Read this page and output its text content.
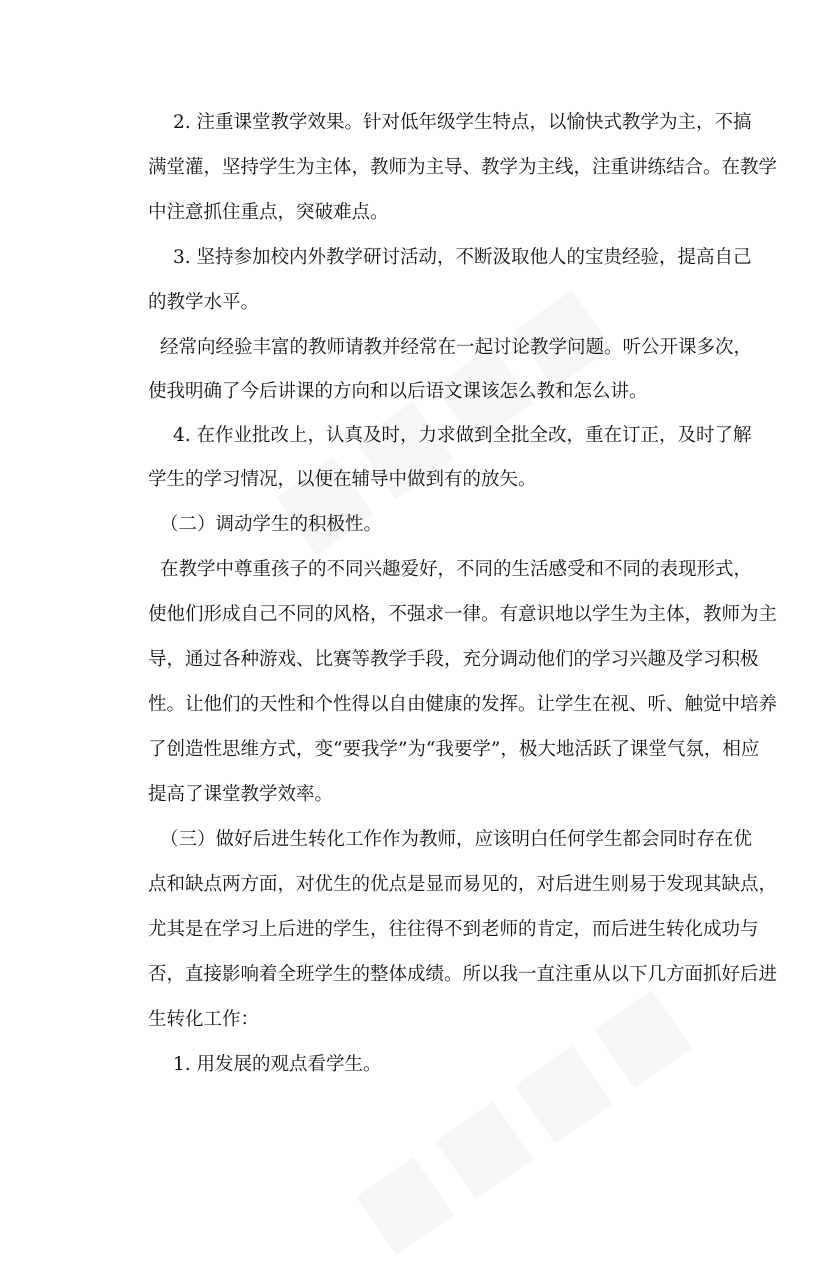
2. 注重课堂教学效果。针对低年级学生特点，以愉快式教学为主，不搞
满堂灌，坚持学生为主体，教师为主导、教学为主线，注重讲练结合。在教学
中注意抓住重点，突破难点。
3. 坚持参加校内外教学研讨活动，不断汲取他人的宝贵经验，提高自己
的教学水平。
经常向经验丰富的教师请教并经常在一起讨论教学问题。听公开课多次，
使我明确了今后讲课的方向和以后语文课该怎么教和怎么讲。
4. 在作业批改上，认真及时，力求做到全批全改，重在订正，及时了解
学生的学习情况，以便在辅导中做到有的放矢。
（二）调动学生的积极性。
在教学中尊重孩子的不同兴趣爱好，不同的生活感受和不同的表现形式，
使他们形成自己不同的风格，不强求一律。有意识地以学生为主体，教师为主
导，通过各种游戏、比赛等教学手段，充分调动他们的学习兴趣及学习积极
性。让他们的天性和个性得以自由健康的发挥。让学生在视、听、触觉中培养
了创造性思维方式，变“要我学”为“我要学”，极大地活跃了课堂气氛，相应
提高了课堂教学效率。
（三）做好后进生转化工作作为教师，应该明白任何学生都会同时存在优
点和缺点两方面，对优生的优点是显而易见的，对后进生则易于发现其缺点，
尤其是在学习上后进的学生，往往得不到老师的肯定，而后进生转化成功与
否，直接影响着全班学生的整体成绩。所以我一直注重从以下几方面抓好后进
生转化工作：
1. 用发展的观点看学生。
